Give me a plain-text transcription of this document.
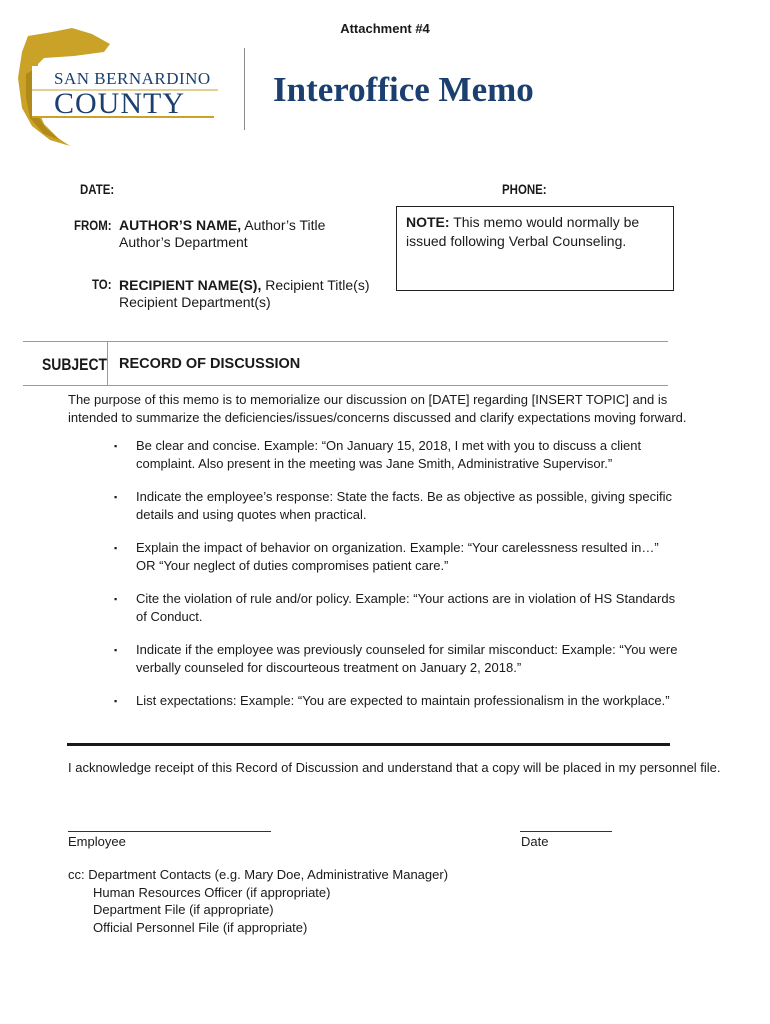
Attachment #4
SAN BERNARDINO
COUNTY	Interoffice Memo
DATE:	PHONE:
FROM: AUTHOR’S NAME, Author’s Title
Author’s Department
TO: RECIPIENT NAME(S), Recipient Title(s)
Recipient Department(s)
NOTE: This memo would normally be issued following Verbal Counseling.
SUBJECT RECORD OF DISCUSSION
The purpose of this memo is to memorialize our discussion on [DATE] regarding [INSERT TOPIC] and is intended to summarize the deficiencies/issues/concerns discussed and clarify expectations moving forward.
▪ Be clear and concise. Example: “On January 15, 2018, I met with you to discuss a client
complaint. Also present in the meeting was Jane Smith, Administrative Supervisor.”
▪ Indicate the employee’s response: State the facts. Be as objective as possible, giving specific
details and using quotes when practical.
▪ Explain the impact of behavior on organization. Example: “Your carelessness resulted in…”
OR “Your neglect of duties compromises patient care.”
▪ Cite the violation of rule and/or policy. Example: “Your actions are in violation of HS Standards
of Conduct.
▪ Indicate if the employee was previously counseled for similar misconduct: Example: “You were
verbally counseled for discourteous treatment on January 2, 2018.”
▪ List expectations: Example: “You are expected to maintain professionalism in the workplace.”
I acknowledge receipt of this Record of Discussion and understand that a copy will be placed in my personnel file.
Employee	Date
cc: Department Contacts (e.g. Mary Doe, Administrative Manager)
Human Resources Officer (if appropriate)
Department File (if appropriate)
Official Personnel File (if appropriate)
